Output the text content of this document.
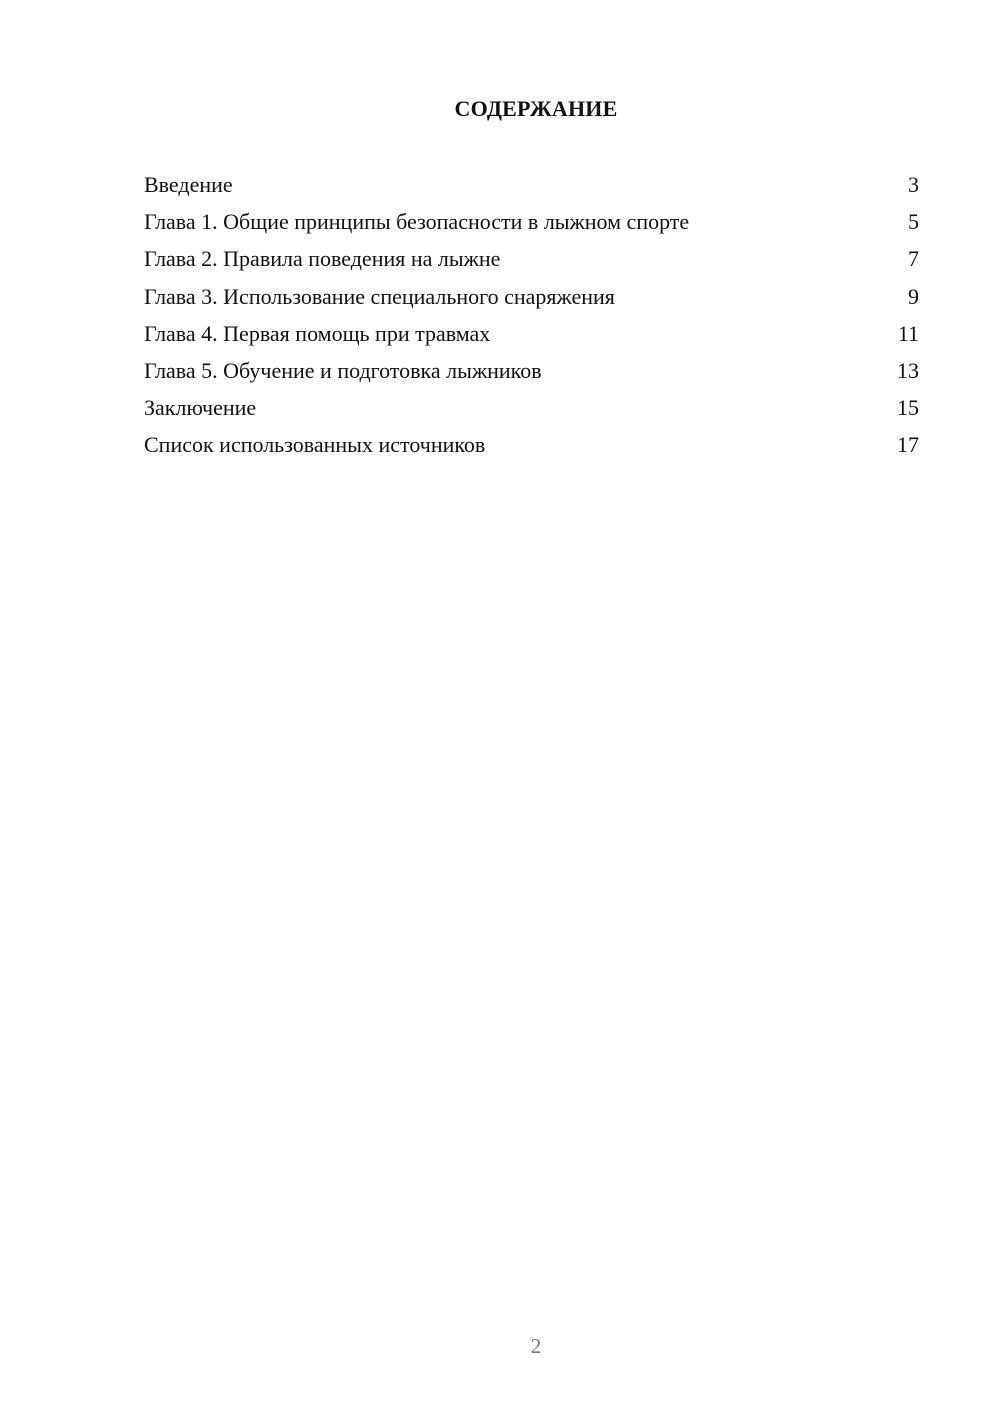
СОДЕРЖАНИЕ
Введение	3
Глава 1. Общие принципы безопасности в лыжном спорте	5
Глава 2. Правила поведения на лыжне	7
Глава 3. Использование специального снаряжения	9
Глава 4. Первая помощь при травмах	11
Глава 5. Обучение и подготовка лыжников	13
Заключение	15
Список использованных источников	17
2
